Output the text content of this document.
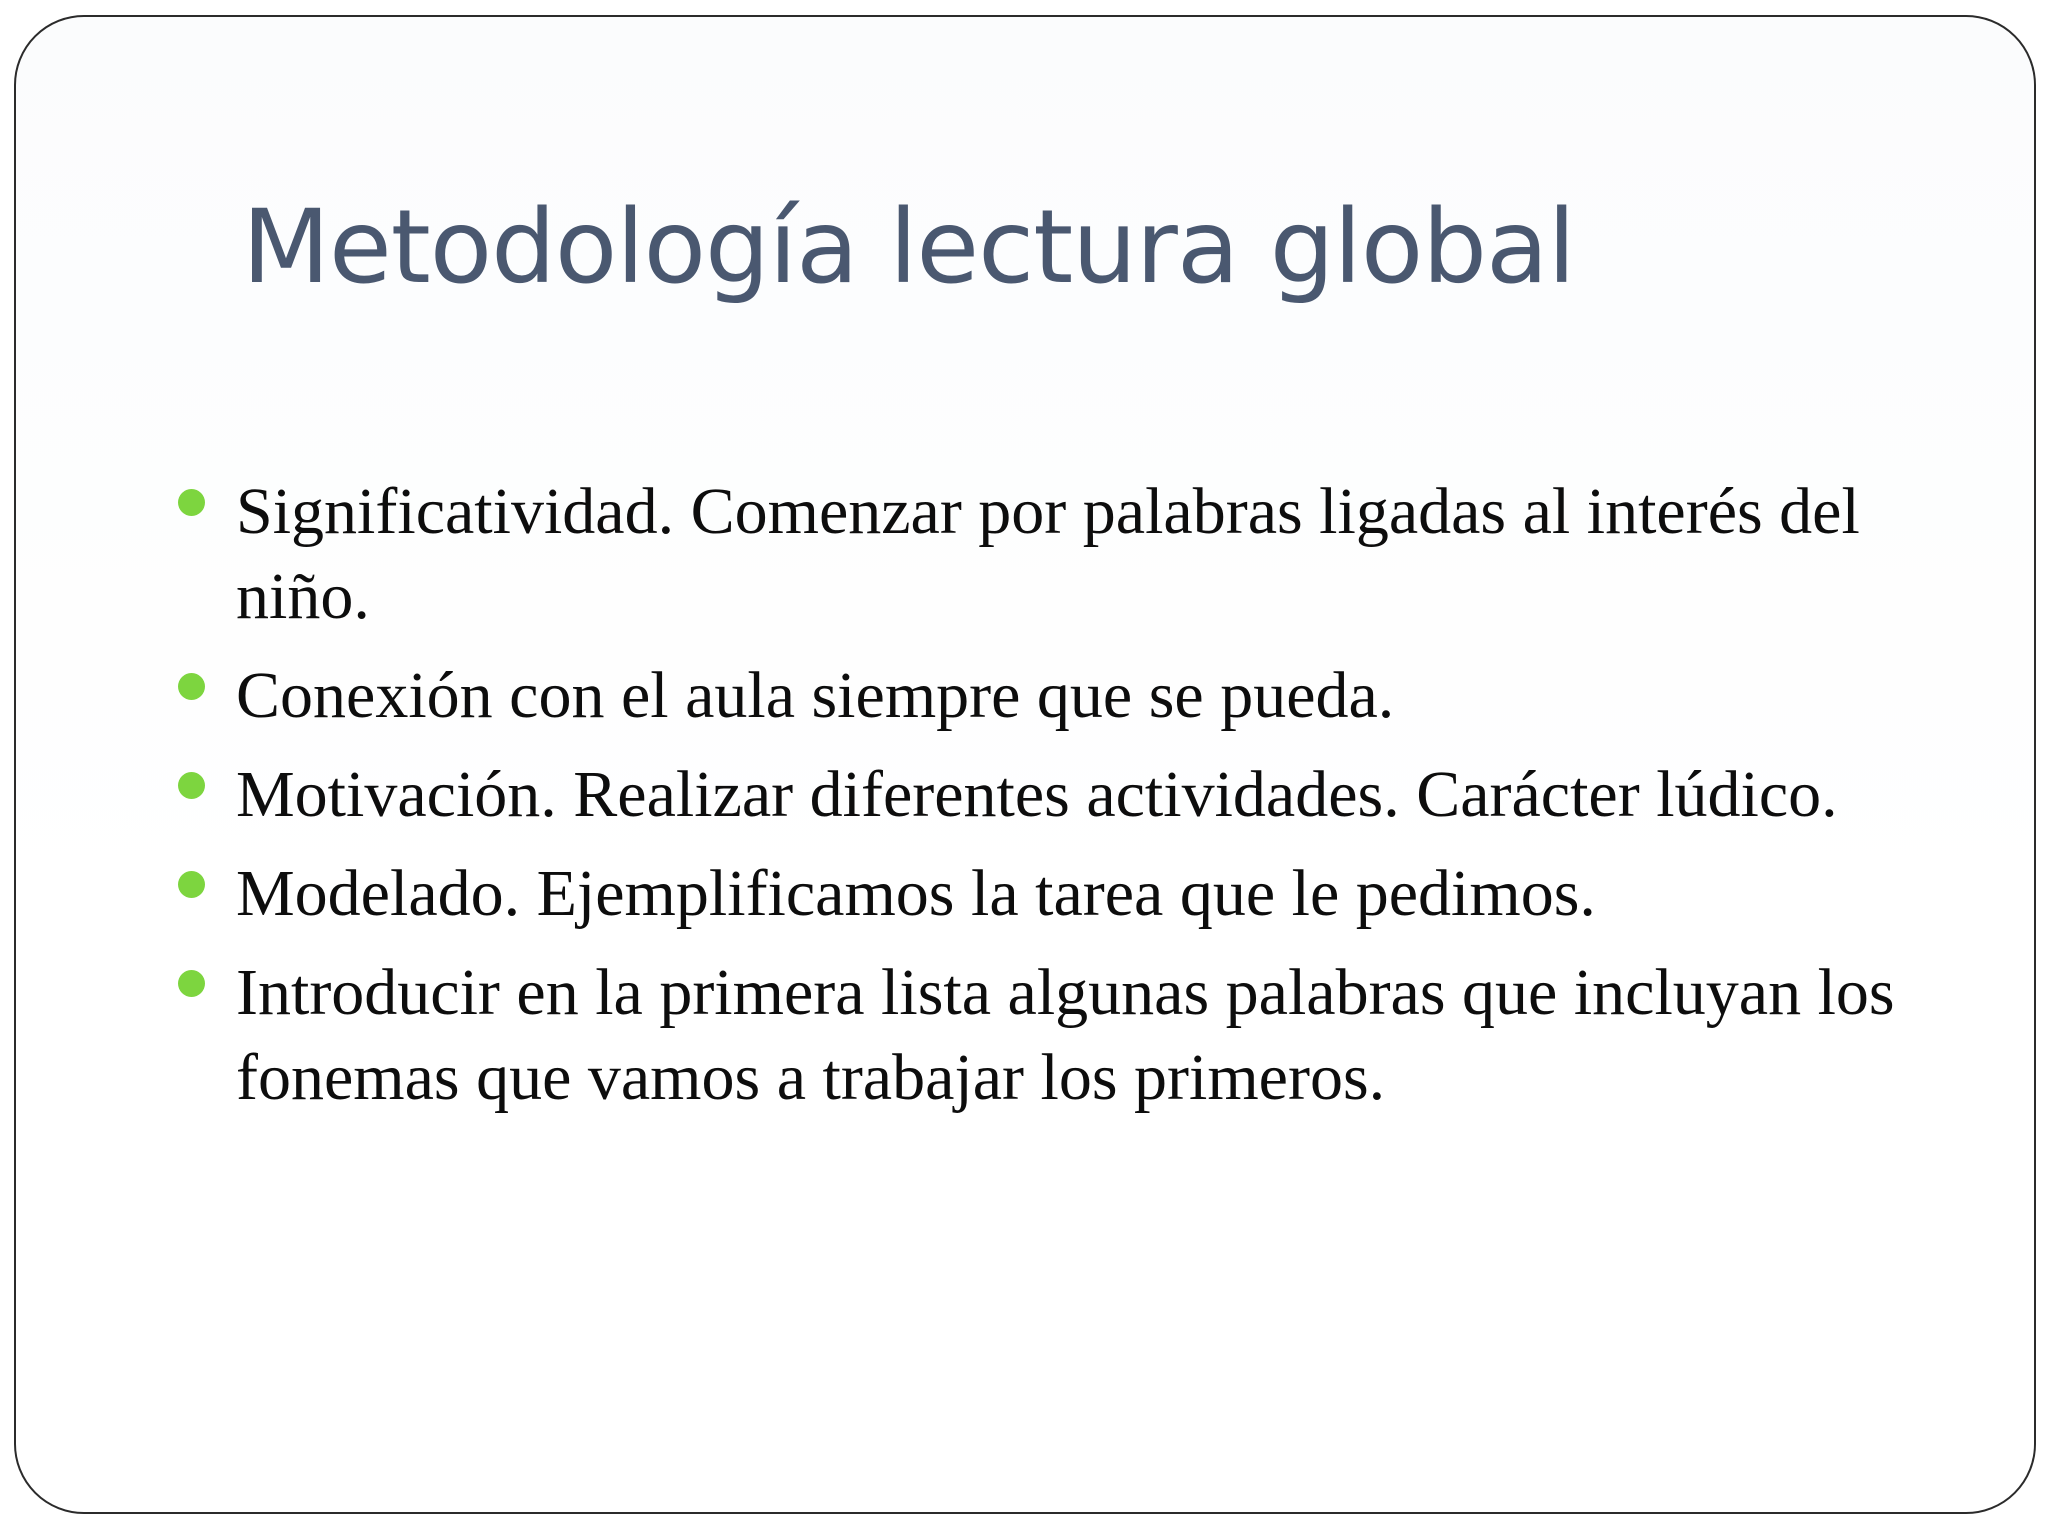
Metodología lectura global
Significatividad. Comenzar por palabras ligadas al interés del niño.
Conexión con el aula siempre que se pueda.
Motivación. Realizar diferentes actividades. Carácter lúdico.
Modelado. Ejemplificamos la tarea que le pedimos.
Introducir en la primera lista algunas palabras que incluyan los fonemas que vamos a trabajar los primeros.
